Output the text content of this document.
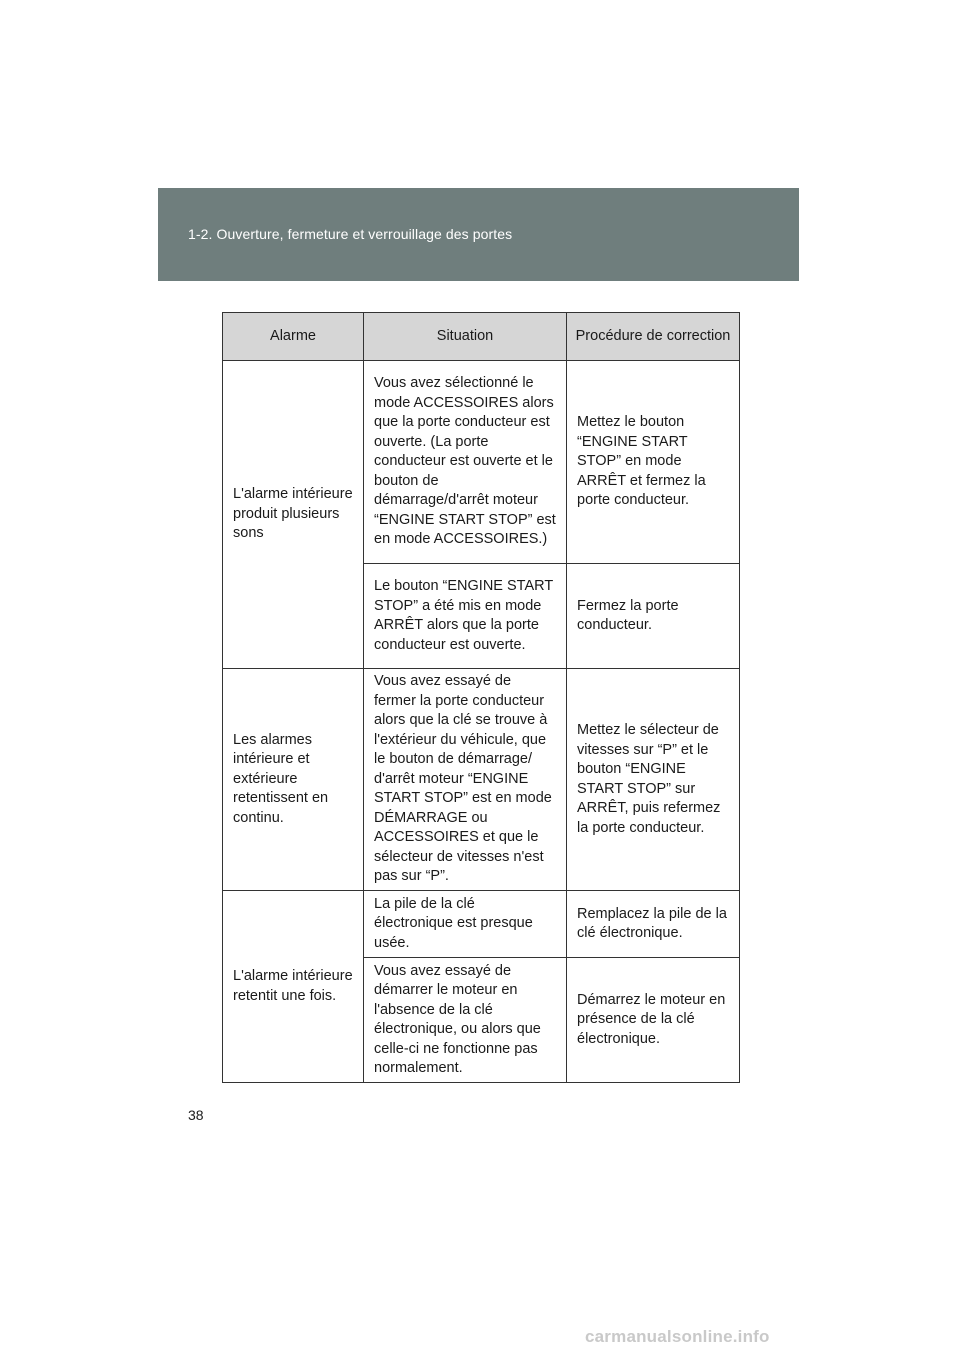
1-2. Ouverture, fermeture et verrouillage des portes
Alarme	Situation	Procédure de correction
L'alarme intérieure produit plusieurs sons	Vous avez sélectionné le mode ACCESSOIRES alors que la porte conducteur est ouverte. (La porte conducteur est ouverte et le bouton de démarrage/d'arrêt moteur “ENGINE START STOP” est en mode ACCESSOIRES.)	Mettez le bouton “ENGINE START STOP” en mode ARRÊT et fermez la porte conducteur.
	Le bouton “ENGINE START STOP” a été mis en mode ARRÊT alors que la porte conducteur est ouverte.	Fermez la porte conducteur.
Les alarmes intérieure et extérieure retentissent en continu.	Vous avez essayé de fermer la porte conducteur alors que la clé se trouve à l'extérieur du véhicule, que le bouton de démarrage/ d'arrêt moteur “ENGINE START STOP” est en mode DÉMARRAGE ou ACCESSOIRES et que le sélecteur de vitesses n'est pas sur “P”.	Mettez le sélecteur de vitesses sur “P” et le bouton “ENGINE START STOP” sur ARRÊT, puis refermez la porte conducteur.
L'alarme intérieure retentit une fois.	La pile de la clé électronique est presque usée.	Remplacez la pile de la clé électronique.
	Vous avez essayé de démarrer le moteur en l'absence de la clé électronique, ou alors que celle-ci ne fonctionne pas normalement.	Démarrez le moteur en présence de la clé électronique.
38
carmanualsonline.info
